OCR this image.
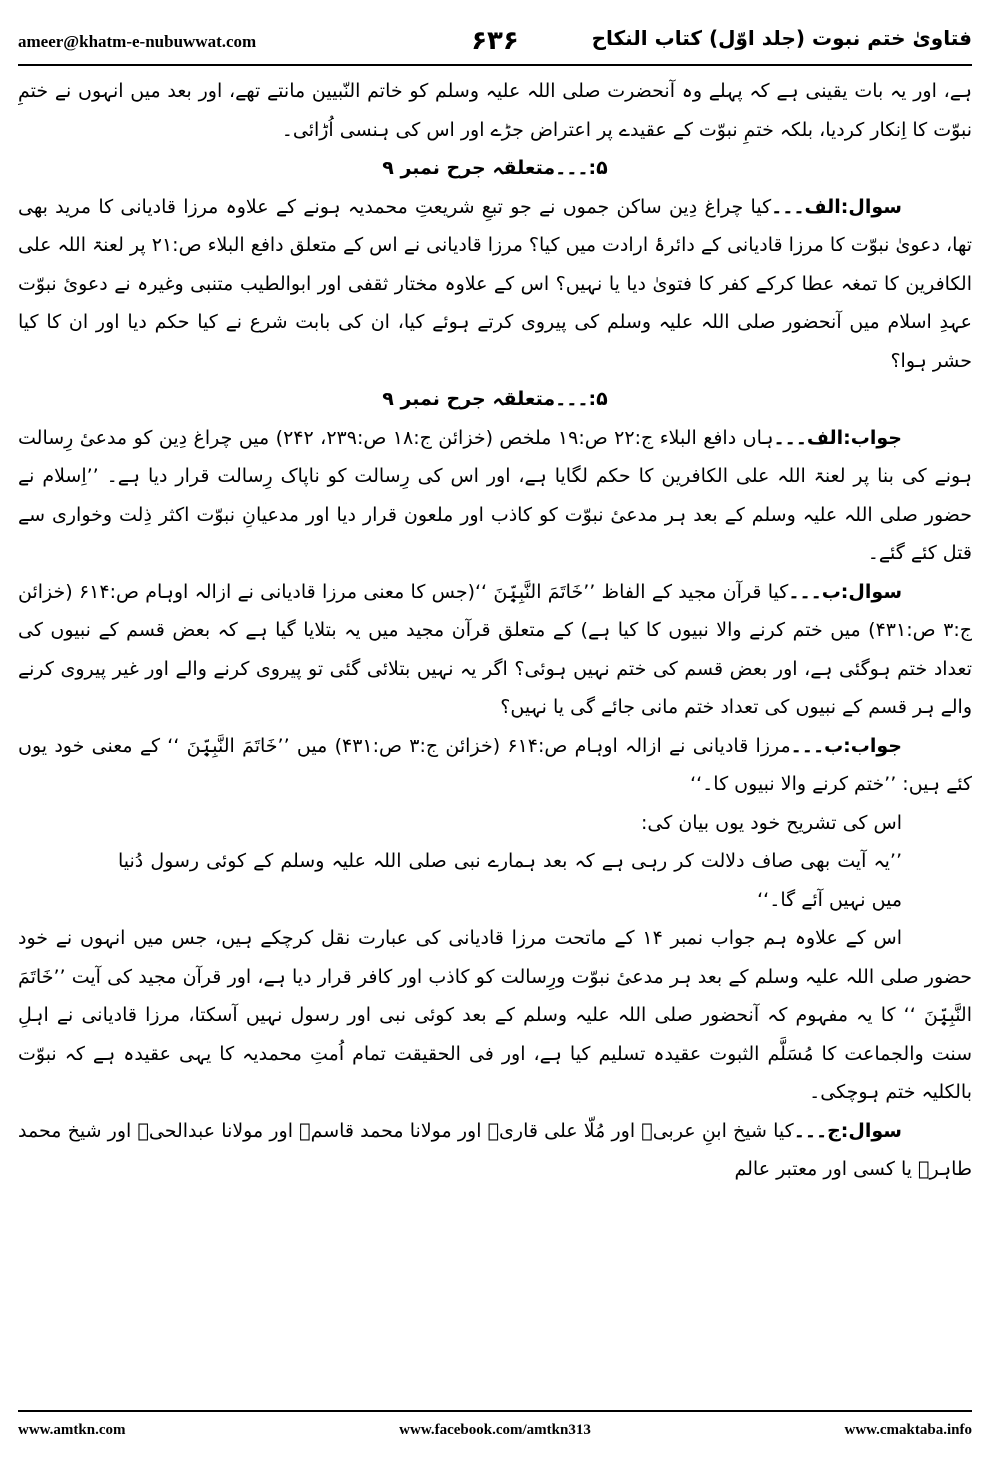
ameer@khatm-e-nubuwwat.com	۶۳۶	فتاویٰ ختم نبوت (جلد اوّل) کتاب النکاح

ہے، اور یہ بات یقینی ہے کہ پہلے وہ آنحضرت صلی اللہ علیہ وسلم کو خاتم النّبیین مانتے تھے، اور بعد میں انہوں نے ختمِ نبوّت کا اِنکار کردیا، بلکہ ختمِ نبوّت کے عقیدے پر اعتراض جڑے اور اس کی ہنسی اُڑائی۔

۵:۔۔۔متعلقہ جرح نمبر ۹

سوال:الف۔۔۔کیا چراغ دِین ساکن جموں نے جو تبعِ شریعتِ محمدیہ ہونے کے علاوہ مرزا قادیانی کا مرید بھی تھا، دعویٰ نبوّت کا مرزا قادیانی کے دائرۂ ارادت میں کیا؟ مرزا قادیانی نے اس کے متعلق دافع البلاء ص:۲۱ پر لعنۃ اللہ علی الکافرین کا تمغہ عطا کرکے کفر کا فتویٰ دیا یا نہیں؟ اس کے علاوہ مختار ثقفی اور ابوالطیب متنبی وغیرہ نے دعویٔ نبوّت عہدِ اسلام میں آنحضور صلی اللہ علیہ وسلم کی پیروی کرتے ہوئے کیا، ان کی بابت شرع نے کیا حکم دیا اور ان کا کیا حشر ہوا؟

۵:۔۔۔متعلقہ جرح نمبر ۹

جواب:الف۔۔۔ہاں دافع البلاء ج:۲۲ ص:۱۹ ملخص (خزائن ج:۱۸ ص:۲۳۹، ۲۴۲) میں چراغ دِین کو مدعیٔ رِسالت ہونے کی بنا پر لعنۃ اللہ علی الکافرین کا حکم لگایا ہے، اور اس کی رِسالت کو ناپاک رِسالت قرار دیا ہے۔ ’’اِسلام نے حضور صلی اللہ علیہ وسلم کے بعد ہر مدعیٔ نبوّت کو کاذب اور ملعون قرار دیا اور مدعیانِ نبوّت اکثر ذِلت وخواری سے قتل کئے گئے۔

سوال:ب۔۔۔کیا قرآن مجید کے الفاظ ’’خَاتَمَ النَّبِیّٖنَ ‘‘(جس کا معنی مرزا قادیانی نے ازالہ اوہام ص:۶۱۴ (خزائن ج:۳ ص:۴۳۱) میں ختم کرنے والا نبیوں کا کیا ہے) کے متعلق قرآن مجید میں یہ بتلایا گیا ہے کہ بعض قسم کے نبیوں کی تعداد ختم ہوگئی ہے، اور بعض قسم کی ختم نہیں ہوئی؟ اگر یہ نہیں بتلائی گئی تو پیروی کرنے والے اور غیر پیروی کرنے والے ہر قسم کے نبیوں کی تعداد ختم مانی جائے گی یا نہیں؟

جواب:ب۔۔۔مرزا قادیانی نے ازالہ اوہام ص:۶۱۴ (خزائن ج:۳ ص:۴۳۱) میں ’’خَاتَمَ النَّبِیّٖنَ ‘‘ کے معنی خود یوں کئے ہیں: ’’ختم کرنے والا نبیوں کا۔‘‘

اس کی تشریح خود یوں بیان کی:

’’یہ آیت بھی صاف دلالت کر رہی ہے کہ بعد ہمارے نبی صلی اللہ علیہ وسلم کے کوئی رسول دُنیا میں نہیں آئے گا۔‘‘

اس کے علاوہ ہم جواب نمبر ۱۴ کے ماتحت مرزا قادیانی کی عبارت نقل کرچکے ہیں، جس میں انہوں نے خود حضور صلی اللہ علیہ وسلم کے بعد ہر مدعیٔ نبوّت ورِسالت کو کاذب اور کافر قرار دیا ہے، اور قرآن مجید کی آیت ’’خَاتَمَ النَّبِیّٖنَ ‘‘ کا یہ مفہوم کہ آنحضور صلی اللہ علیہ وسلم کے بعد کوئی نبی اور رسول نہیں آسکتا، مرزا قادیانی نے اہلِ سنت والجماعت کا مُسَلَّم الثبوت عقیدہ تسلیم کیا ہے، اور فی الحقیقت تمام اُمتِ محمدیہ کا یہی عقیدہ ہے کہ نبوّت بالکلیہ ختم ہوچکی۔

سوال:ج۔۔۔کیا شیخ ابنِ عربیؒ اور مُلّا علی قاریؒ اور مولانا محمد قاسمؒ اور مولانا عبدالحیؒ اور شیخ محمد طاہرؒ یا کسی اور معتبر عالم

www.amtkn.com	www.facebook.com/amtkn313	www.cmaktaba.info
